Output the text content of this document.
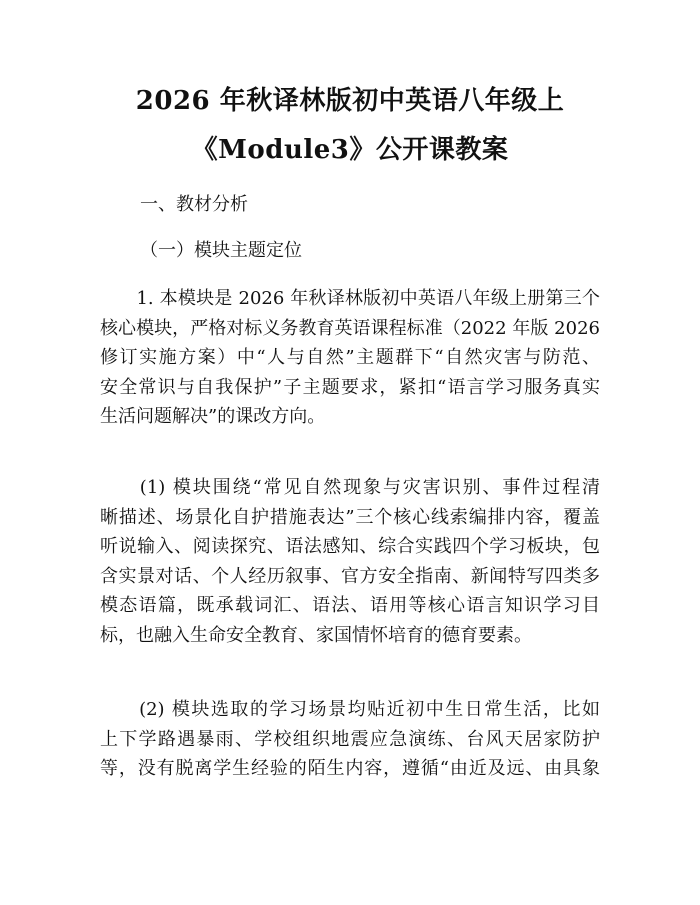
2026 年秋译林版初中英语八年级上
《Module3》公开课教案
一、教材分析
（一）模块主题定位
　　1. 本模块是 2026 年秋译林版初中英语八年级上册第三个
核心模块，严格对标义务教育英语课程标准（2022 年版 2026
修订实施方案）中“人与自然”主题群下“自然灾害与防范、
安全常识与自我保护”子主题要求，紧扣“语言学习服务真实
生活问题解决”的课改方向。
　　(1) 模块围绕“常见自然现象与灾害识别、事件过程清
晰描述、场景化自护措施表达”三个核心线索编排内容，覆盖
听说输入、阅读探究、语法感知、综合实践四个学习板块，包
含实景对话、个人经历叙事、官方安全指南、新闻特写四类多
模态语篇，既承载词汇、语法、语用等核心语言知识学习目
标，也融入生命安全教育、家国情怀培育的德育要素。
　　(2) 模块选取的学习场景均贴近初中生日常生活，比如
上下学路遇暴雨、学校组织地震应急演练、台风天居家防护
等，没有脱离学生经验的陌生内容，遵循“由近及远、由具象
